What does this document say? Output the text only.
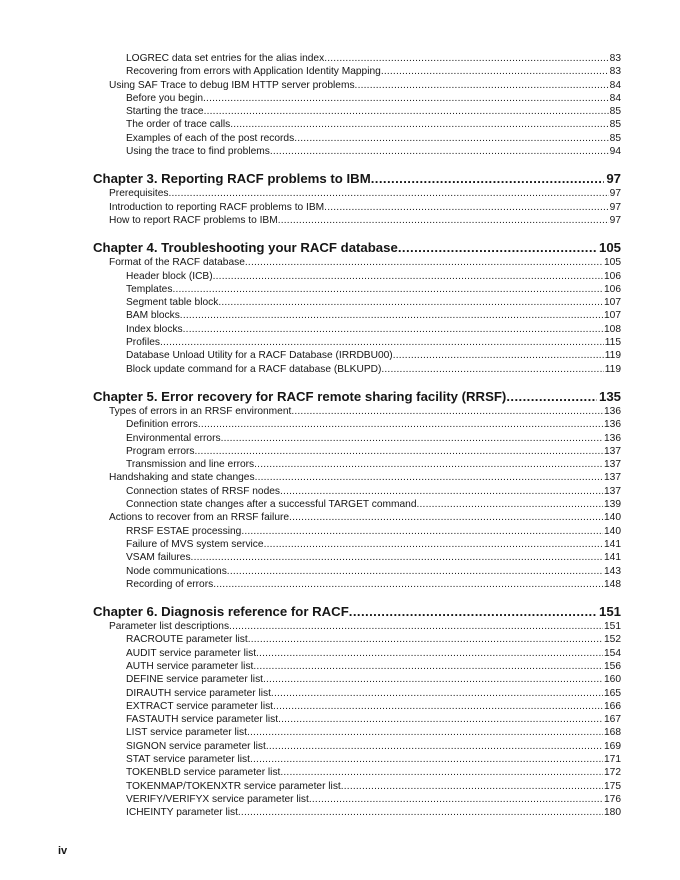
LOGREC data set entries for the alias index .....	83
Recovering from errors with Application Identity Mapping .....	83
Using SAF Trace to debug IBM HTTP server problems .....	84
Before you begin .....	84
Starting the trace .....	85
The order of trace calls .....	85
Examples of each of the post records .....	85
Using the trace to find problems .....	94
Chapter 3. Reporting RACF problems to IBM .....	97
Prerequisites .....	97
Introduction to reporting RACF problems to IBM .....	97
How to report RACF problems to IBM .....	97
Chapter 4. Troubleshooting your RACF database .....	105
Format of the RACF database .....	105
Header block (ICB) .....	106
Templates .....	106
Segment table block .....	107
BAM blocks .....	107
Index blocks .....	108
Profiles .....	115
Database Unload Utility for a RACF Database (IRRDBU00) .....	119
Block update command for a RACF database (BLKUPD) .....	119
Chapter 5. Error recovery for RACF remote sharing facility (RRSF) .....	135
Types of errors in an RRSF environment .....	136
Definition errors .....	136
Environmental errors .....	136
Program errors .....	137
Transmission and line errors .....	137
Handshaking and state changes .....	137
Connection states of RRSF nodes .....	137
Connection state changes after a successful TARGET command .....	139
Actions to recover from an RRSF failure .....	140
RRSF ESTAE processing .....	140
Failure of MVS system service .....	141
VSAM failures .....	141
Node communications .....	143
Recording of errors .....	148
Chapter 6. Diagnosis reference for RACF .....	151
Parameter list descriptions .....	151
RACROUTE parameter list .....	152
AUDIT service parameter list .....	154
AUTH service parameter list .....	156
DEFINE service parameter list .....	160
DIRAUTH service parameter list .....	165
EXTRACT service parameter list .....	166
FASTAUTH service parameter list .....	167
LIST service parameter list .....	168
SIGNON service parameter list .....	169
STAT service parameter list .....	171
TOKENBLD service parameter list .....	172
TOKENMAP/TOKENXTR service parameter list .....	175
VERIFY/VERIFYX service parameter list .....	176
ICHEINTY parameter list .....	180
iv
